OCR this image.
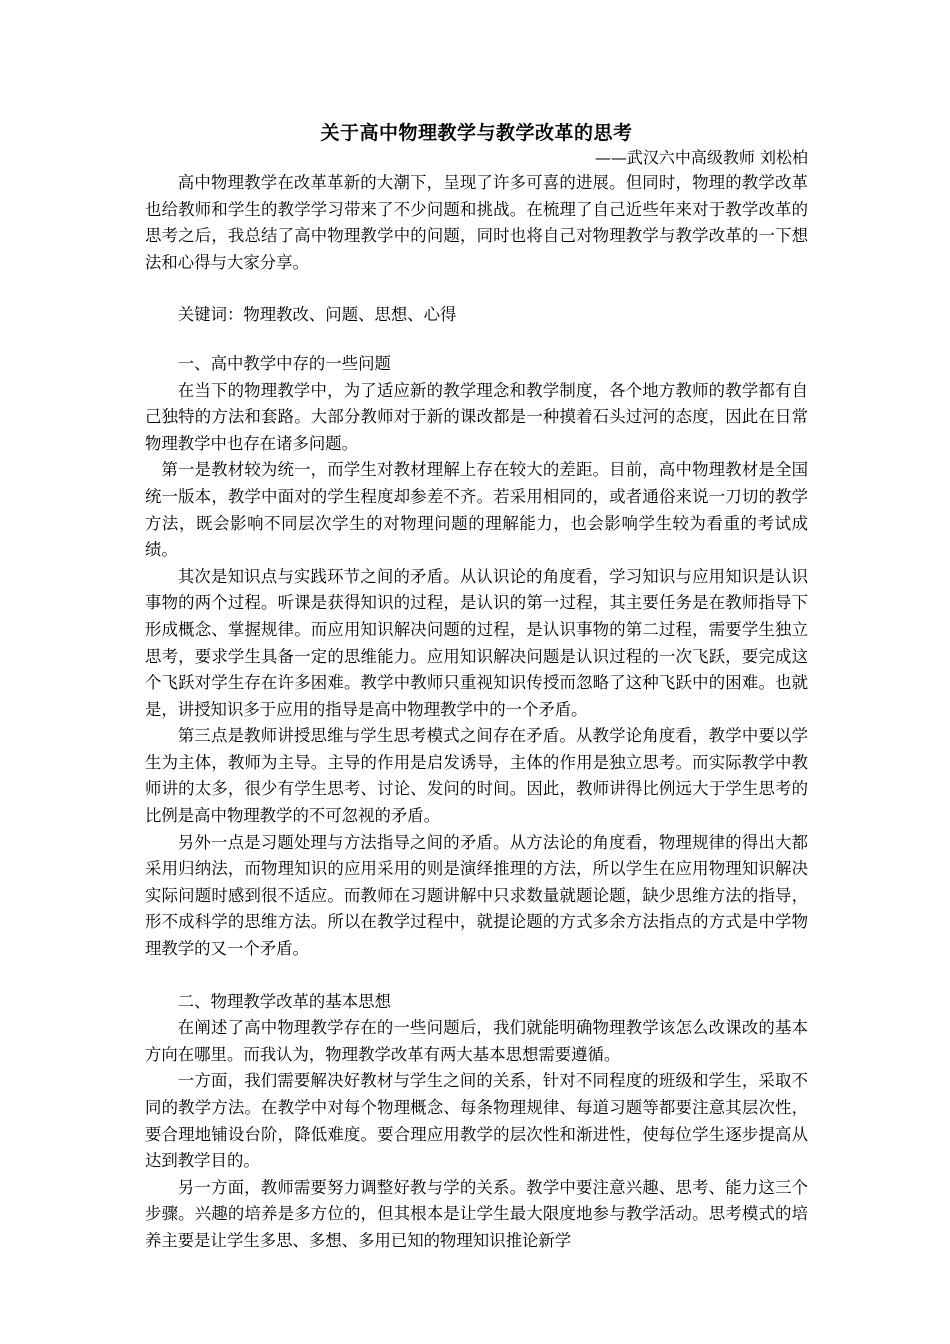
关于高中物理教学与教学改革的思考
——武汉六中高级教师 刘松柏

高中物理教学在改革革新的大潮下，呈现了许多可喜的进展。但同时，物理的教学改革也给教师和学生的教学学习带来了不少问题和挑战。在梳理了自己近些年来对于教学改革的思考之后，我总结了高中物理教学中的问题，同时也将自己对物理教学与教学改革的一下想法和心得与大家分享。

关键词：物理教改、问题、思想、心得

一、高中教学中存的一些问题

在当下的物理教学中，为了适应新的教学理念和教学制度，各个地方教师的教学都有自己独特的方法和套路。大部分教师对于新的课改都是一种摸着石头过河的态度，因此在日常物理教学中也存在诸多问题。

第一是教材较为统一，而学生对教材理解上存在较大的差距。目前，高中物理教材是全国统一版本，教学中面对的学生程度却参差不齐。若采用相同的，或者通俗来说一刀切的教学方法，既会影响不同层次学生的对物理问题的理解能力，也会影响学生较为看重的考试成绩。

其次是知识点与实践环节之间的矛盾。从认识论的角度看，学习知识与应用知识是认识事物的两个过程。听课是获得知识的过程，是认识的第一过程，其主要任务是在教师指导下形成概念、掌握规律。而应用知识解决问题的过程，是认识事物的第二过程，需要学生独立思考，要求学生具备一定的思维能力。应用知识解决问题是认识过程的一次飞跃，要完成这个飞跃对学生存在许多困难。教学中教师只重视知识传授而忽略了这种飞跃中的困难。也就是，讲授知识多于应用的指导是高中物理教学中的一个矛盾。

第三点是教师讲授思维与学生思考模式之间存在矛盾。从教学论角度看，教学中要以学生为主体，教师为主导。主导的作用是启发诱导，主体的作用是独立思考。而实际教学中教师讲的太多，很少有学生思考、讨论、发问的时间。因此，教师讲得比例远大于学生思考的比例是高中物理教学的不可忽视的矛盾。

另外一点是习题处理与方法指导之间的矛盾。从方法论的角度看，物理规律的得出大都采用归纳法，而物理知识的应用采用的则是演绎推理的方法，所以学生在应用物理知识解决实际问题时感到很不适应。而教师在习题讲解中只求数量就题论题，缺少思维方法的指导，形不成科学的思维方法。所以在教学过程中，就提论题的方式多余方法指点的方式是中学物理教学的又一个矛盾。

二、物理教学改革的基本思想

在阐述了高中物理教学存在的一些问题后，我们就能明确物理教学该怎么改课改的基本方向在哪里。而我认为，物理教学改革有两大基本思想需要遵循。

一方面，我们需要解决好教材与学生之间的关系，针对不同程度的班级和学生，采取不同的教学方法。在教学中对每个物理概念、每条物理规律、每道习题等都要注意其层次性，要合理地铺设台阶，降低难度。要合理应用教学的层次性和渐进性，使每位学生逐步提高从达到教学目的。

另一方面，教师需要努力调整好教与学的关系。教学中要注意兴趣、思考、能力这三个步骤。兴趣的培养是多方位的，但其根本是让学生最大限度地参与教学活动。思考模式的培养主要是让学生多思、多想、多用已知的物理知识推论新学
